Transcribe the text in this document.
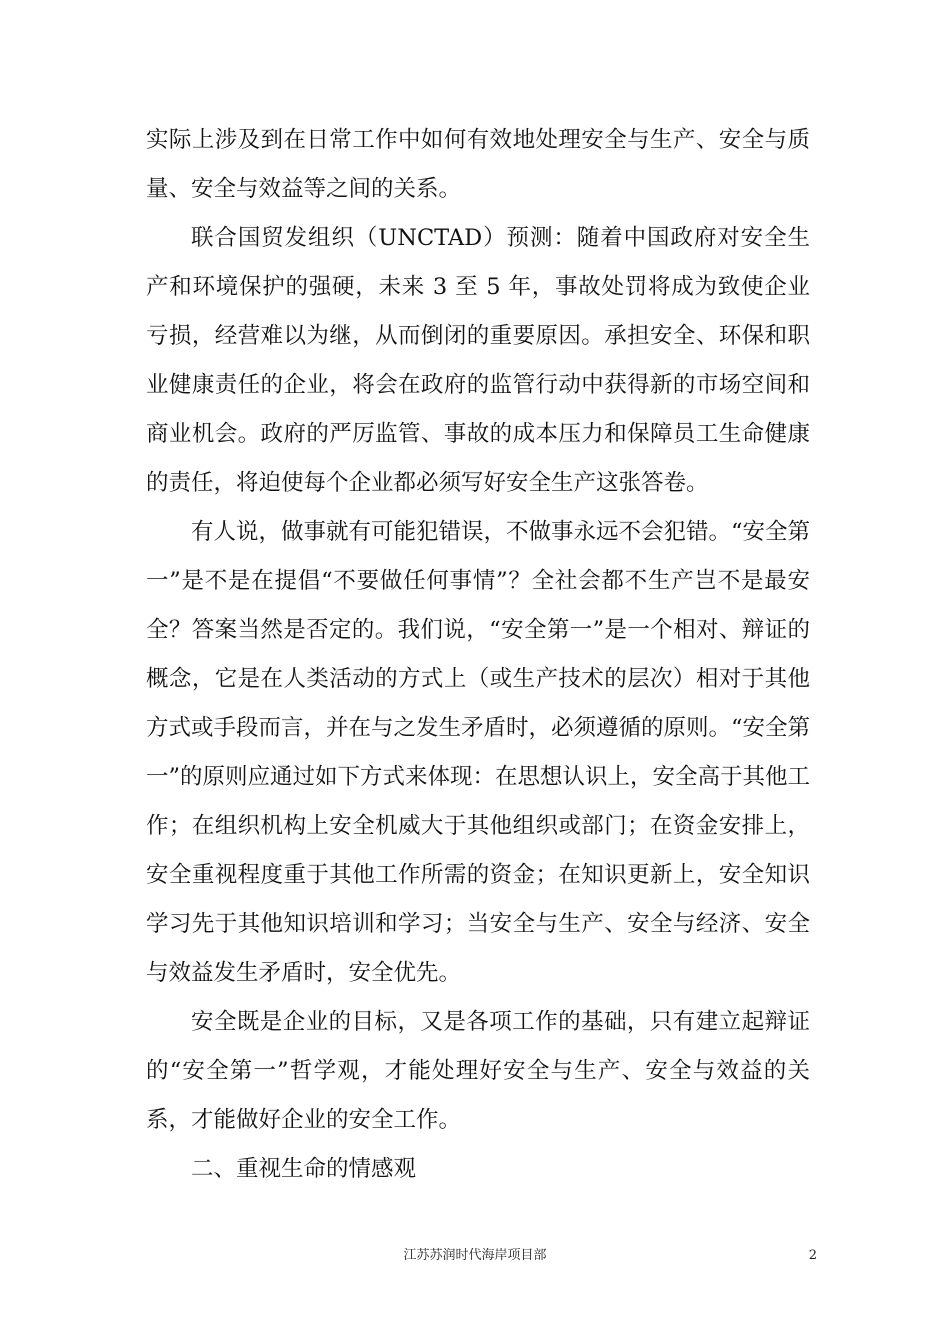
实际上涉及到在日常工作中如何有效地处理安全与生产、安全与质量、安全与效益等之间的关系。

联合国贸发组织（UNCTAD）预测：随着中国政府对安全生产和环境保护的强硬，未来 3 至 5 年，事故处罚将成为致使企业亏损，经营难以为继，从而倒闭的重要原因。承担安全、环保和职业健康责任的企业，将会在政府的监管行动中获得新的市场空间和商业机会。政府的严厉监管、事故的成本压力和保障员工生命健康的责任，将迫使每个企业都必须写好安全生产这张答卷。

有人说，做事就有可能犯错误，不做事永远不会犯错。“安全第一”是不是在提倡“不要做任何事情”？全社会都不生产岂不是最安全？答案当然是否定的。我们说，“安全第一”是一个相对、辩证的概念，它是在人类活动的方式上（或生产技术的层次）相对于其他方式或手段而言，并在与之发生矛盾时，必须遵循的原则。“安全第一”的原则应通过如下方式来体现：在思想认识上，安全高于其他工作；在组织机构上安全机威大于其他组织或部门；在资金安排上，安全重视程度重于其他工作所需的资金；在知识更新上，安全知识学习先于其他知识培训和学习；当安全与生产、安全与经济、安全与效益发生矛盾时，安全优先。

安全既是企业的目标，又是各项工作的基础，只有建立起辩证的“安全第一”哲学观，才能处理好安全与生产、安全与效益的关系，才能做好企业的安全工作。

二、重视生命的情感观

江苏苏润时代海岸项目部	2
